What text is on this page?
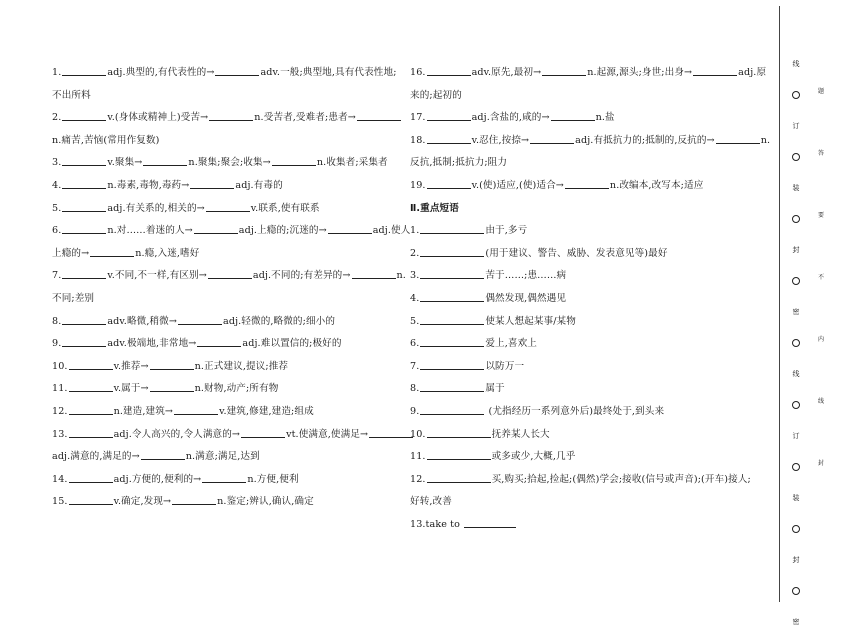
1.	adj.典型的,有代表性的→	adv.一般;典型地,具有代表性地;
不出所料
2.	v.(身体或精神上)受苦→	n.受苦者,受难者;患者→
n.痛苦,苦恼(常用作复数)
3.	v.聚集→	n.聚集;聚会;收集→	n.收集者;采集者
4.	n.毒素,毒物,毒药→	adj.有毒的
5.	adj.有关系的,相关的→	v.联系,使有联系
6.	n.对……着迷的人→	adj.上瘾的;沉迷的→	adj.使人
上瘾的→	n.瘾,入迷,嗜好
7.	v.不同,不一样,有区别→	adj.不同的;有差异的→	n.
不同;差别
8.	adv.略微,稍微→	adj.轻微的,略微的;细小的
9.	adv.极端地,非常地→	adj.难以置信的;极好的
10.	v.推荐→	n.正式建议,提议;推荐
11.	v.属于→	n.财物,动产;所有物
12.	n.建造,建筑→	v.建筑,修建,建造;组成
13.	adj.令人高兴的,令人满意的→	vt.使满意,使满足→
adj.满意的,满足的→	n.满意;满足,达到
14.	adj.方便的,便利的→	n.方便,便利
15.	v.确定,发现→	n.鉴定;辨认,确认,确定
16.	adv.原先,最初→	n.起源,源头;身世;出身→	adj.原
来的;起初的
17.	adj.含盐的,咸的→	n.盐
18.	v.忍住,按捺→	adj.有抵抗力的;抵制的,反抗的→	n.
反抗,抵制;抵抗力;阻力
19.	v.(使)适应,(使)适合→	n.改编本,改写本;适应
Ⅱ.重点短语
1.	由于,多亏
2.	(用于建议、警告、威胁、发表意见等)最好
3.	苦于……;患……病
4.	偶然发现,偶然遇见
5.	使某人想起某事/某物
6.	爱上,喜欢上
7.	以防万一
8.	属于
9.	(尤指经历一系列意外后)最终处于,到头来
10.	抚养某人长大
11.	或多或少,大概,几乎
12.	买,购买;拾起,捡起;(偶然)学会;接收(信号或声音);(开车)接人;
好转,改善
13.take to
线
订
装
封
密
线
订
装
封
密
题
答
要
不
内
线
封
